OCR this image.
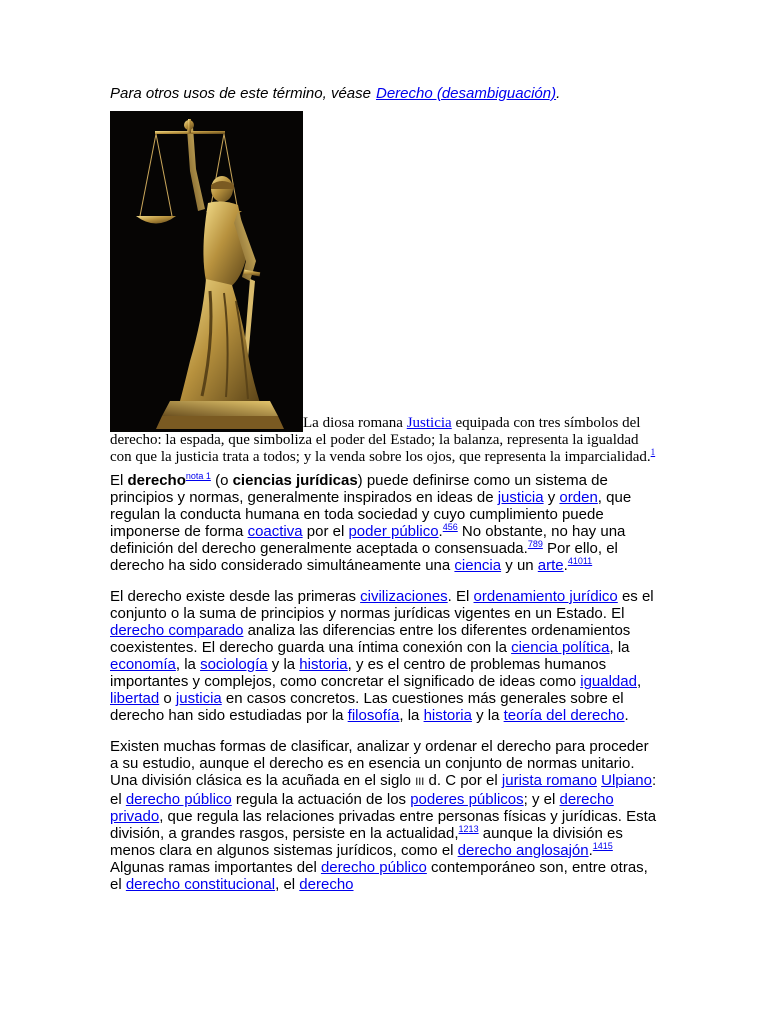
Para otros usos de este término, véase Derecho (desambiguación).
La diosa romana Justicia equipada con tres símbolos del derecho: la espada, que simboliza el poder del Estado; la balanza, representa la igualdad con que la justicia trata a todos; y la venda sobre los ojos, que representa la imparcialidad.$^1$

El derecho$^{nota 1}$ (o ciencias jurídicas) puede definirse como un sistema de principios y normas, generalmente inspirados en ideas de justicia y orden, que regulan la conducta humana en toda sociedad y cuyo cumplimiento puede imponerse de forma coactiva por el poder público.$^{456}$ No obstante, no hay una definición del derecho generalmente aceptada o consensuada.$^{789}$ Por ello, el derecho ha sido considerado simultáneamente una ciencia y un arte.$^{41011}$

El derecho existe desde las primeras civilizaciones. El ordenamiento jurídico es el conjunto o la suma de principios y normas jurídicas vigentes en un Estado. El derecho comparado analiza las diferencias entre los diferentes ordenamientos coexistentes. El derecho guarda una íntima conexión con la ciencia política, la economía, la sociología y la historia, y es el centro de problemas humanos importantes y complejos, como concretar el significado de ideas como igualdad, libertad o justicia en casos concretos. Las cuestiones más generales sobre el derecho han sido estudiadas por la filosofía, la historia y la teoría del derecho.

Existen muchas formas de clasificar, analizar y ordenar el derecho para proceder a su estudio, aunque el derecho es en esencia un conjunto de normas unitario. Una división clásica es la acuñada en el siglo III d. C por el jurista romano Ulpiano: el derecho público regula la actuación de los poderes públicos; y el derecho privado, que regula las relaciones privadas entre personas físicas y jurídicas. Esta división, a grandes rasgos, persiste en la actualidad,$^{1213}$ aunque la división es menos clara en algunos sistemas jurídicos, como el derecho anglosajón.$^{1415}$ Algunas ramas importantes del derecho público contemporáneo son, entre otras, el derecho constitucional, el derecho
